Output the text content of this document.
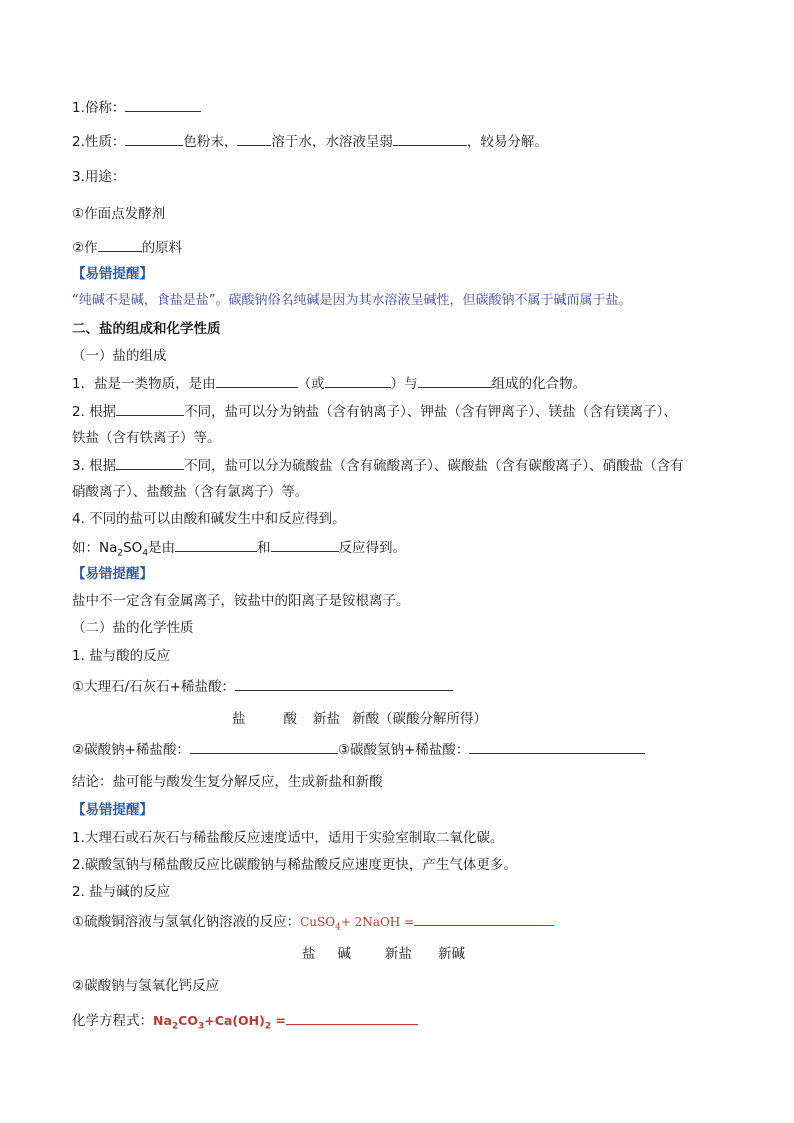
1.俗称：
2.性质：	色粉末，	溶于水，水溶液呈弱	，较易分解。
3.用途：
①作面点发酵剂
②作	的原料
【易错提醒】
“纯碱不是碱，食盐是盐”。碳酸钠俗名纯碱是因为其水溶液呈碱性，但碳酸钠不属于碱而属于盐。
二、盐的组成和化学性质
（一）盐的组成
1．盐是一类物质，是由	（或	）与	组成的化合物。
2. 根据	不同，盐可以分为钠盐（含有钠离子）、钾盐（含有钾离子）、镁盐（含有镁离子）、
铁盐（含有铁离子）等。
3. 根据	不同，盐可以分为硫酸盐（含有硫酸离子）、碳酸盐（含有碳酸离子）、硝酸盐（含有
硝酸离子）、盐酸盐（含有氯离子）等。
4. 不同的盐可以由酸和碱发生中和反应得到。
如：$Na_2SO_4$是由	和	反应得到。
【易错提醒】
盐中不一定含有金属离子，铵盐中的阳离子是铵根离子。
（二）盐的化学性质
1. 盐与酸的反应
①大理石/石灰石+稀盐酸：
盐	酸 新盐 新酸（碳酸分解所得）
②碳酸钠+稀盐酸：	③碳酸氢钠+稀盐酸：
结论：盐可能与酸发生复分解反应，生成新盐和新酸
【易错提醒】
1.大理石或石灰石与稀盐酸反应速度适中，适用于实验室制取二氧化碳。
2.碳酸氢钠与稀盐酸反应比碳酸钠与稀盐酸反应速度更快，产生气体更多。
2. 盐与碱的反应
①硫酸铜溶液与氢氧化钠溶液的反应：CuSO$_4$+ 2NaOH =
盐 碱	新盐 新碱
②碳酸钠与氢氧化钙反应
化学方程式：$Na_2CO_3+Ca(OH)_2$ =
